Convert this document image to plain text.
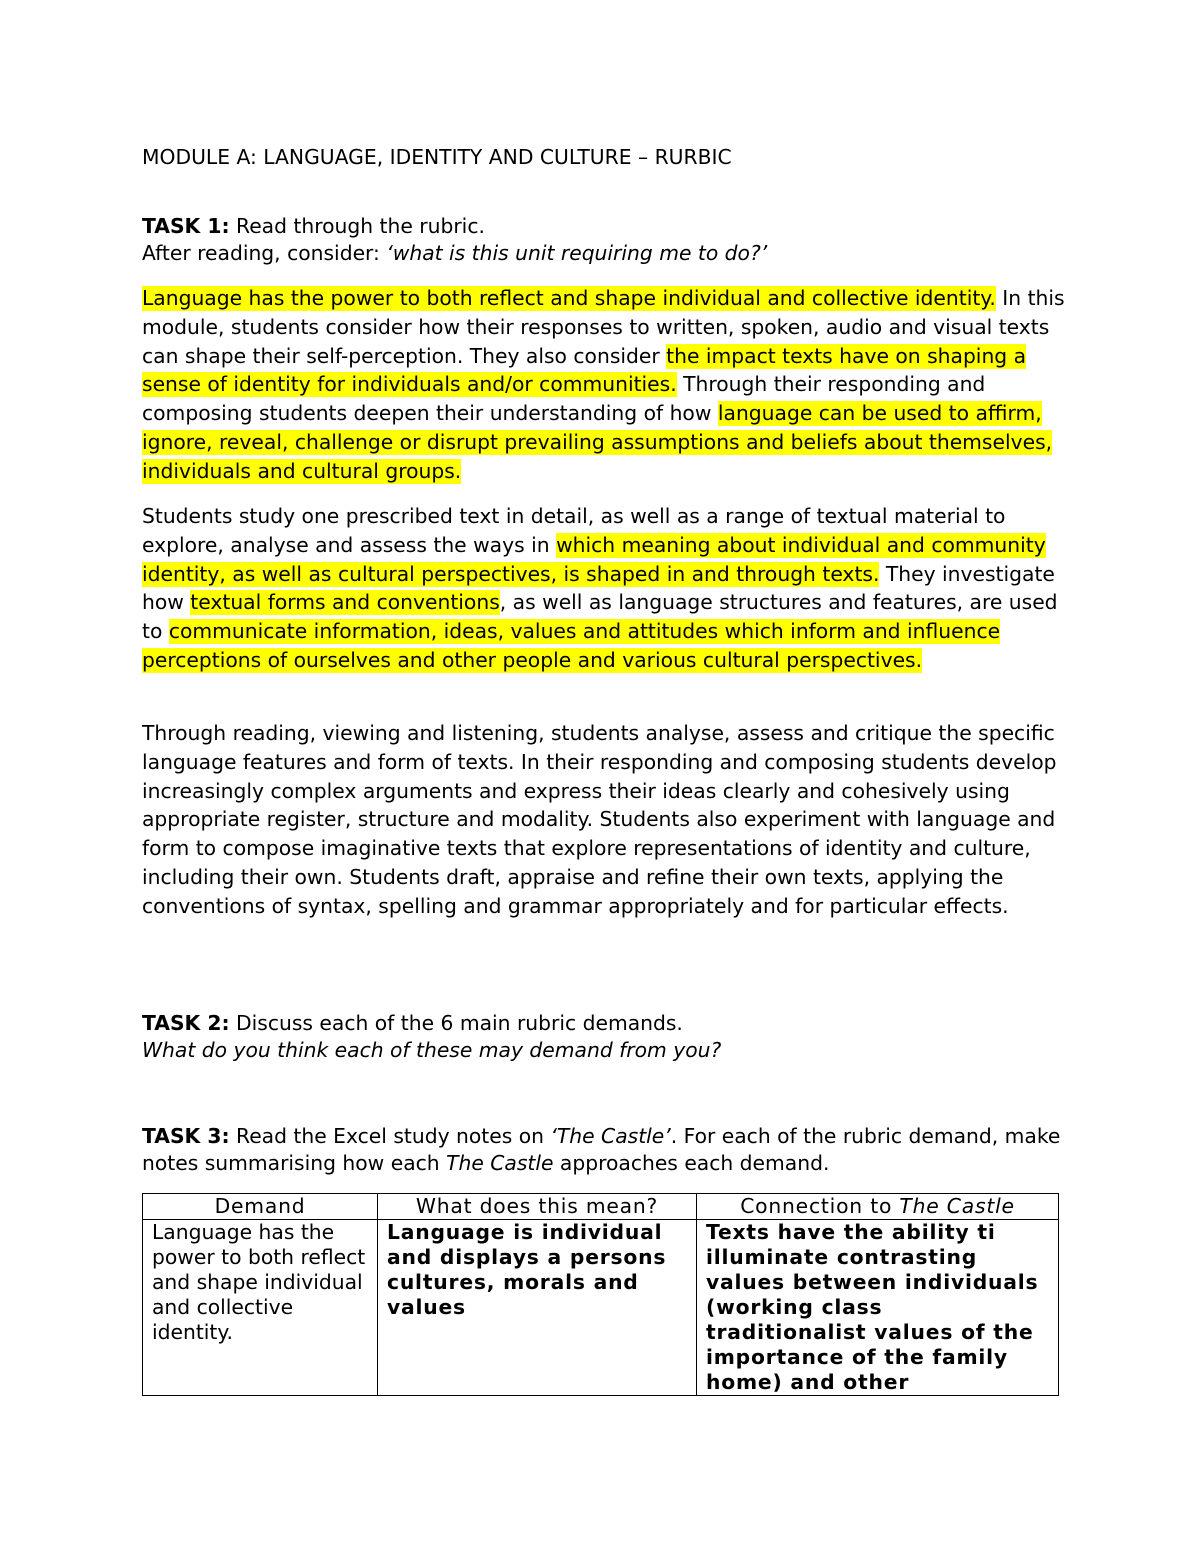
MODULE A: LANGUAGE, IDENTITY AND CULTURE – RURBIC
TASK 1: Read through the rubric.
After reading, consider: ‘what is this unit requiring me to do?’
Language has the power to both reflect and shape individual and collective identity. In this module, students consider how their responses to written, spoken, audio and visual texts can shape their self-perception. They also consider the impact texts have on shaping a sense of identity for individuals and/or communities. Through their responding and composing students deepen their understanding of how language can be used to affirm, ignore, reveal, challenge or disrupt prevailing assumptions and beliefs about themselves, individuals and cultural groups.
Students study one prescribed text in detail, as well as a range of textual material to explore, analyse and assess the ways in which meaning about individual and community identity, as well as cultural perspectives, is shaped in and through texts. They investigate how textual forms and conventions, as well as language structures and features, are used to communicate information, ideas, values and attitudes which inform and influence perceptions of ourselves and other people and various cultural perspectives.
Through reading, viewing and listening, students analyse, assess and critique the specific language features and form of texts. In their responding and composing students develop increasingly complex arguments and express their ideas clearly and cohesively using appropriate register, structure and modality. Students also experiment with language and form to compose imaginative texts that explore representations of identity and culture, including their own. Students draft, appraise and refine their own texts, applying the conventions of syntax, spelling and grammar appropriately and for particular effects.
TASK 2: Discuss each of the 6 main rubric demands.
What do you think each of these may demand from you?
TASK 3: Read the Excel study notes on ‘The Castle’. For each of the rubric demand, make notes summarising how each The Castle approaches each demand.
Demand	What does this mean?	Connection to The Castle
Language has the power to both reflect and shape individual and collective identity.	Language is individual and displays a persons cultures, morals and values	Texts have the ability ti illuminate contrasting values between individuals (working class traditionalist values of the importance of the family home) and other
